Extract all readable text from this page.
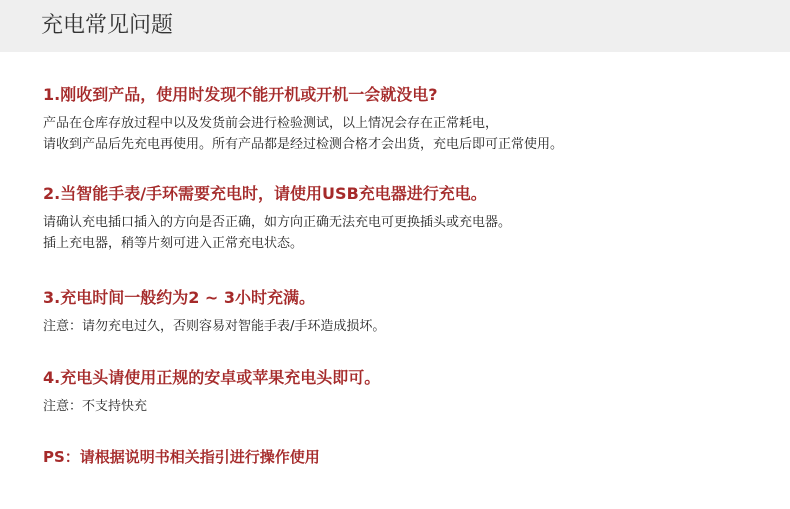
充电常见问题

1.刚收到产品，使用时发现不能开机或开机一会就没电?

产品在仓库存放过程中以及发货前会进行检验测试，以上情况会存在正常耗电，

请收到产品后先充电再使用。所有产品都是经过检测合格才会出货，充电后即可正常使用。

2.当智能手表/手环需要充电时，请使用USB充电器进行充电。

请确认充电插口插入的方向是否正确，如方向正确无法充电可更换插头或充电器。

插上充电器，稍等片刻可进入正常充电状态。

3.充电时间一般约为2 ~ 3小时充满。

注意：请勿充电过久，否则容易对智能手表/手环造成损坏。

4.充电头请使用正规的安卓或苹果充电头即可。

注意：不支持快充

PS：请根据说明书相关指引进行操作使用
